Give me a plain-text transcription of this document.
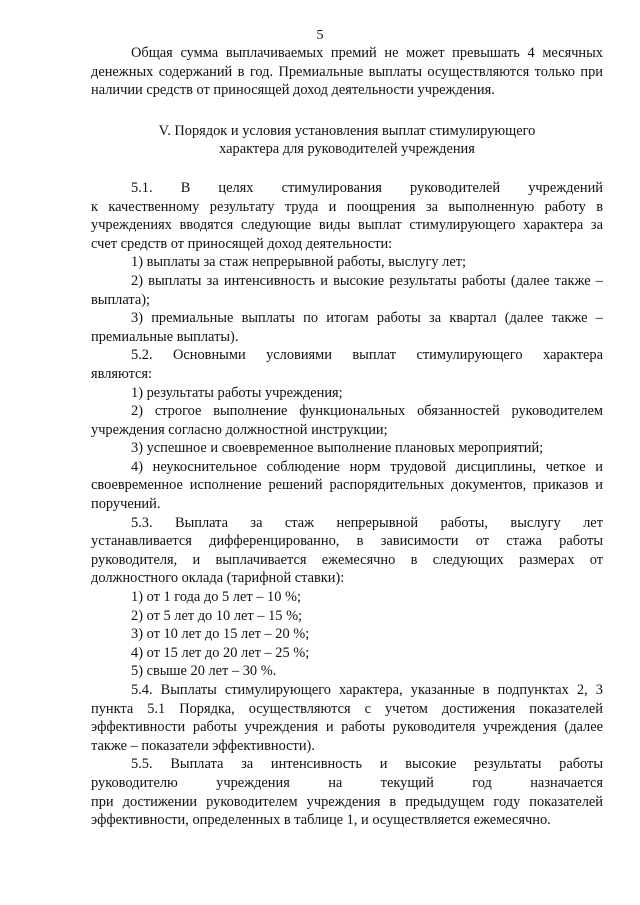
5

Общая сумма выплачиваемых премий не может превышать 4 месячных денежных содержаний в год. Премиальные выплаты осуществляются только при наличии средств от приносящей доход деятельности учреждения.

V. Порядок и условия установления выплат стимулирующего
характера для руководителей учреждения

5.1. В целях стимулирования руководителей учреждений

к качественному результату труда и поощрения за выполненную работу в учреждениях вводятся следующие виды выплат стимулирующего характера за счет средств от приносящей доход деятельности:

1) выплаты за стаж непрерывной работы, выслугу лет;

2) выплаты за интенсивность и высокие результаты работы (далее также – выплата);

3) премиальные выплаты по итогам работы за квартал (далее также – премиальные выплаты).

5.2. Основными условиями выплат стимулирующего характера

являются:

1) результаты работы учреждения;

2) строгое выполнение функциональных обязанностей руководителем учреждения согласно должностной инструкции;

3) успешное и своевременное выполнение плановых мероприятий;

4) неукоснительное соблюдение норм трудовой дисциплины, четкое и своевременное исполнение решений распорядительных документов, приказов и поручений.

5.3. Выплата за стаж непрерывной работы, выслугу лет

устанавливается дифференцированно, в зависимости от стажа работы руководителя, и выплачивается ежемесячно в следующих размерах от должностного оклада (тарифной ставки):

1) от 1 года до 5 лет – 10 %;

2) от 5 лет до 10 лет – 15 %;

3) от 10 лет до 15 лет – 20 %;

4) от 15 лет до 20 лет – 25 %;

5) свыше 20 лет – 30 %.

5.4. Выплаты стимулирующего характера, указанные в подпунктах 2, 3 пункта 5.1 Порядка, осуществляются с учетом достижения показателей эффективности работы учреждения и работы руководителя учреждения (далее также – показатели эффективности).

5.5. Выплата за интенсивность и высокие результаты работы

руководителю учреждения на текущий год назначается

при достижении руководителем учреждения в предыдущем году показателей эффективности, определенных в таблице 1, и осуществляется ежемесячно.
